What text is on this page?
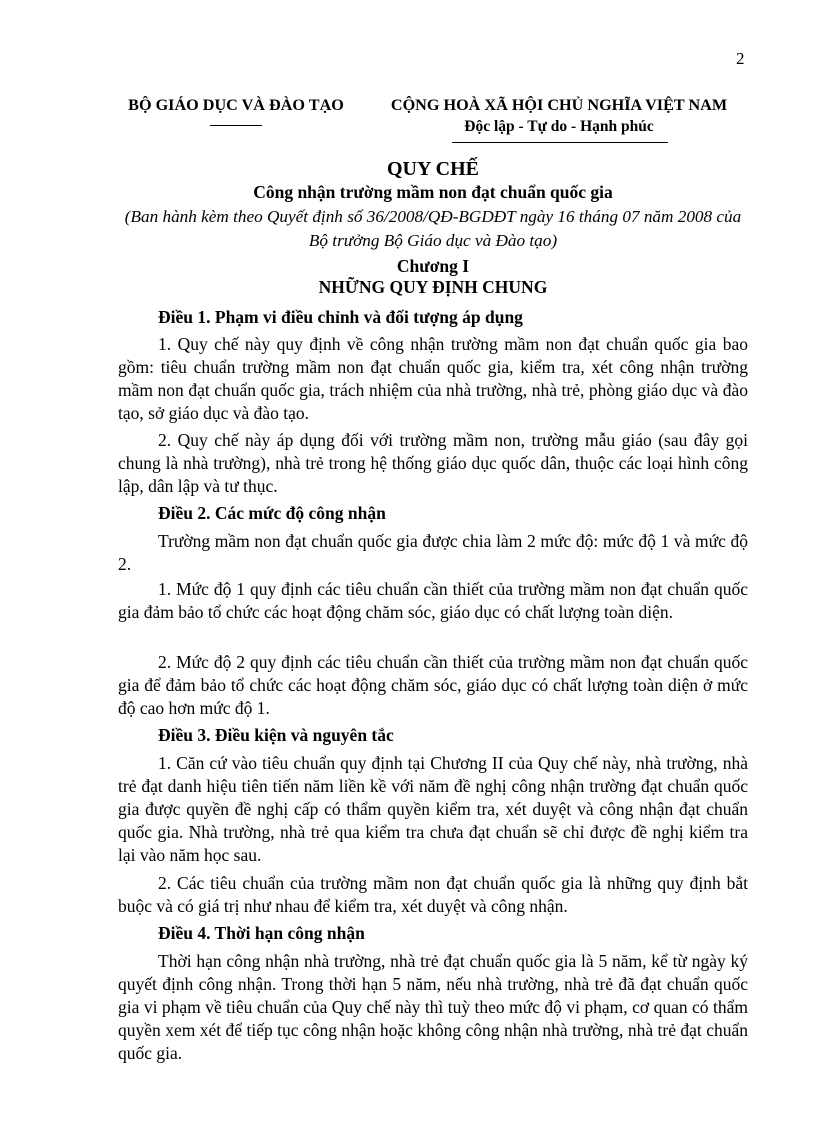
2
BỘ GIÁO DỤC VÀ ĐÀO TẠO	CỘNG HOÀ XÃ HỘI CHỦ NGHĨA VIỆT NAM
Độc lập - Tự do - Hạnh phúc
QUY CHẾ
Công nhận trường mầm non đạt chuẩn quốc gia
(Ban hành kèm theo Quyết định số 36/2008/QĐ-BGDĐT ngày 16 tháng 07 năm 2008 của Bộ trưởng Bộ Giáo dục và Đào tạo)
Chương I
NHỮNG QUY ĐỊNH CHUNG

Điều 1. Phạm vi điều chỉnh và đối tượng áp dụng

1. Quy chế này quy định về công nhận trường mầm non đạt chuẩn quốc gia bao gồm: tiêu chuẩn trường mầm non đạt chuẩn quốc gia, kiểm tra, xét công nhận trường mầm non đạt chuẩn quốc gia, trách nhiệm của nhà trường, nhà trẻ, phòng giáo dục và đào tạo, sở giáo dục và đào tạo.

2. Quy chế này áp dụng đối với trường mầm non, trường mẫu giáo (sau đây gọi chung là nhà trường), nhà trẻ trong hệ thống giáo dục quốc dân, thuộc các loại hình công lập, dân lập và tư thục.

Điều 2. Các mức độ công nhận

Trường mầm non đạt chuẩn quốc gia được chia làm 2 mức độ: mức độ 1 và mức độ 2.

1. Mức độ 1 quy định các tiêu chuẩn cần thiết của trường mầm non đạt chuẩn quốc gia đảm bảo tổ chức các hoạt động chăm sóc, giáo dục có chất lượng toàn diện.

2. Mức độ 2 quy định các tiêu chuẩn cần thiết của trường mầm non đạt chuẩn quốc gia để đảm bảo tổ chức các hoạt động chăm sóc, giáo dục có chất lượng toàn diện ở mức độ cao hơn mức độ 1.

Điều 3. Điều kiện và nguyên tắc

1. Căn cứ vào tiêu chuẩn quy định tại Chương II của Quy chế này, nhà trường, nhà trẻ đạt danh hiệu tiên tiến năm liền kề với năm đề nghị công nhận trường đạt chuẩn quốc gia được quyền đề nghị cấp có thẩm quyền kiểm tra, xét duyệt và công nhận đạt chuẩn quốc gia. Nhà trường, nhà trẻ qua kiểm tra chưa đạt chuẩn sẽ chỉ được đề nghị kiểm tra lại vào năm học sau.

2. Các tiêu chuẩn của trường mầm non đạt chuẩn quốc gia là những quy định bắt buộc và có giá trị như nhau để kiểm tra, xét duyệt và công nhận.

Điều 4. Thời hạn công nhận

Thời hạn công nhận nhà trường, nhà trẻ đạt chuẩn quốc gia là 5 năm, kể từ ngày ký quyết định công nhận. Trong thời hạn 5 năm, nếu nhà trường, nhà trẻ đã đạt chuẩn quốc gia vi phạm về tiêu chuẩn của Quy chế này thì tuỳ theo mức độ vi phạm, cơ quan có thẩm quyền xem xét để tiếp tục công nhận hoặc không công nhận nhà trường, nhà trẻ đạt chuẩn quốc gia.
